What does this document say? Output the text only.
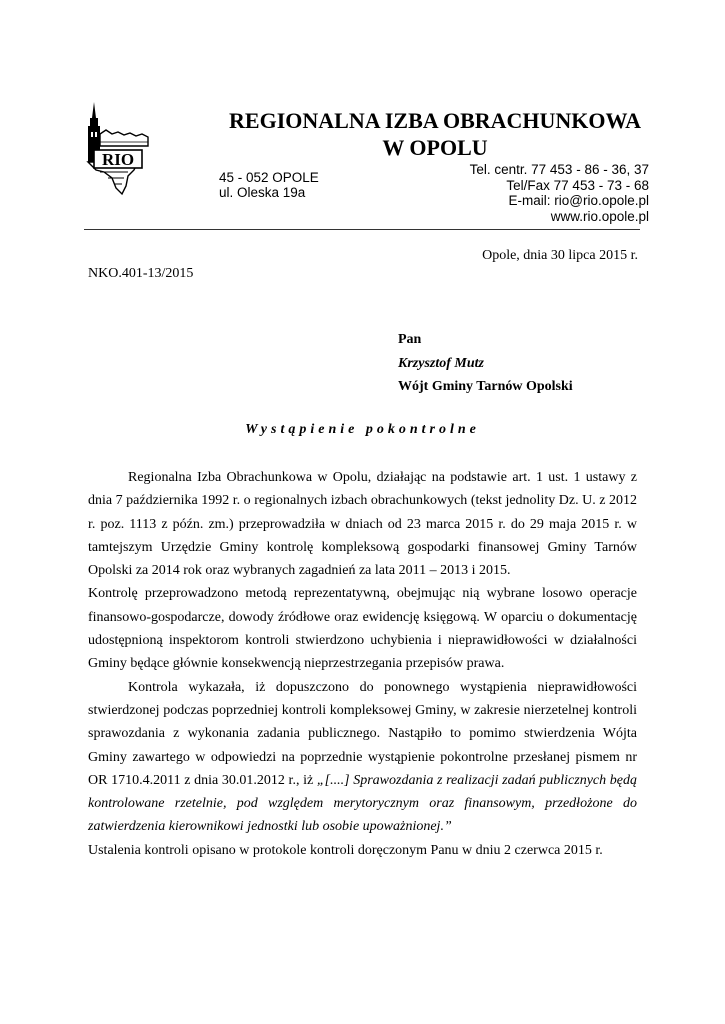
RIO
REGIONALNA IZBA OBRACHUNKOWA
W OPOLU
45 - 052 OPOLE
ul. Oleska 19a
Tel. centr. 77 453 - 86 - 36, 37
Tel/Fax 77 453 - 73 - 68
E-mail: rio@rio.opole.pl
www.rio.opole.pl
Opole, dnia 30 lipca 2015 r.
NKO.401-13/2015
Pan
Krzysztof Mutz
Wójt Gminy Tarnów Opolski
Wystąpienie pokontrolne

Regionalna Izba Obrachunkowa w Opolu, działając na podstawie art. 1 ust. 1 ustawy z dnia 7 października 1992 r. o regionalnych izbach obrachunkowych (tekst jednolity Dz. U. z 2012 r. poz. 1113 z późn. zm.) przeprowadziła w dniach od 23 marca 2015 r. do 29 maja 2015 r. w tamtejszym Urzędzie Gminy kontrolę kompleksową gospodarki finansowej Gminy Tarnów Opolski za 2014 rok oraz wybranych zagadnień za lata 2011 – 2013 i 2015.

Kontrolę przeprowadzono metodą reprezentatywną, obejmując nią wybrane losowo operacje finansowo-gospodarcze, dowody źródłowe oraz ewidencję księgową. W oparciu o dokumentację udostępnioną inspektorom kontroli stwierdzono uchybienia i nieprawidłowości w działalności Gminy będące głównie konsekwencją nieprzestrzegania przepisów prawa.

Kontrola wykazała, iż dopuszczono do ponownego wystąpienia nieprawidłowości stwierdzonej podczas poprzedniej kontroli kompleksowej Gminy, w zakresie nierzetelnej kontroli sprawozdania z wykonania zadania publicznego. Nastąpiło to pomimo stwierdzenia Wójta Gminy zawartego w odpowiedzi na poprzednie wystąpienie pokontrolne przesłanej pismem nr OR 1710.4.2011 z dnia 30.01.2012 r., iż „[....] Sprawozdania z realizacji zadań publicznych będą kontrolowane rzetelnie, pod względem merytorycznym oraz finansowym, przedłożone do zatwierdzenia kierownikowi jednostki lub osobie upoważnionej.”

Ustalenia kontroli opisano w protokole kontroli doręczonym Panu w dniu 2 czerwca 2015 r.
